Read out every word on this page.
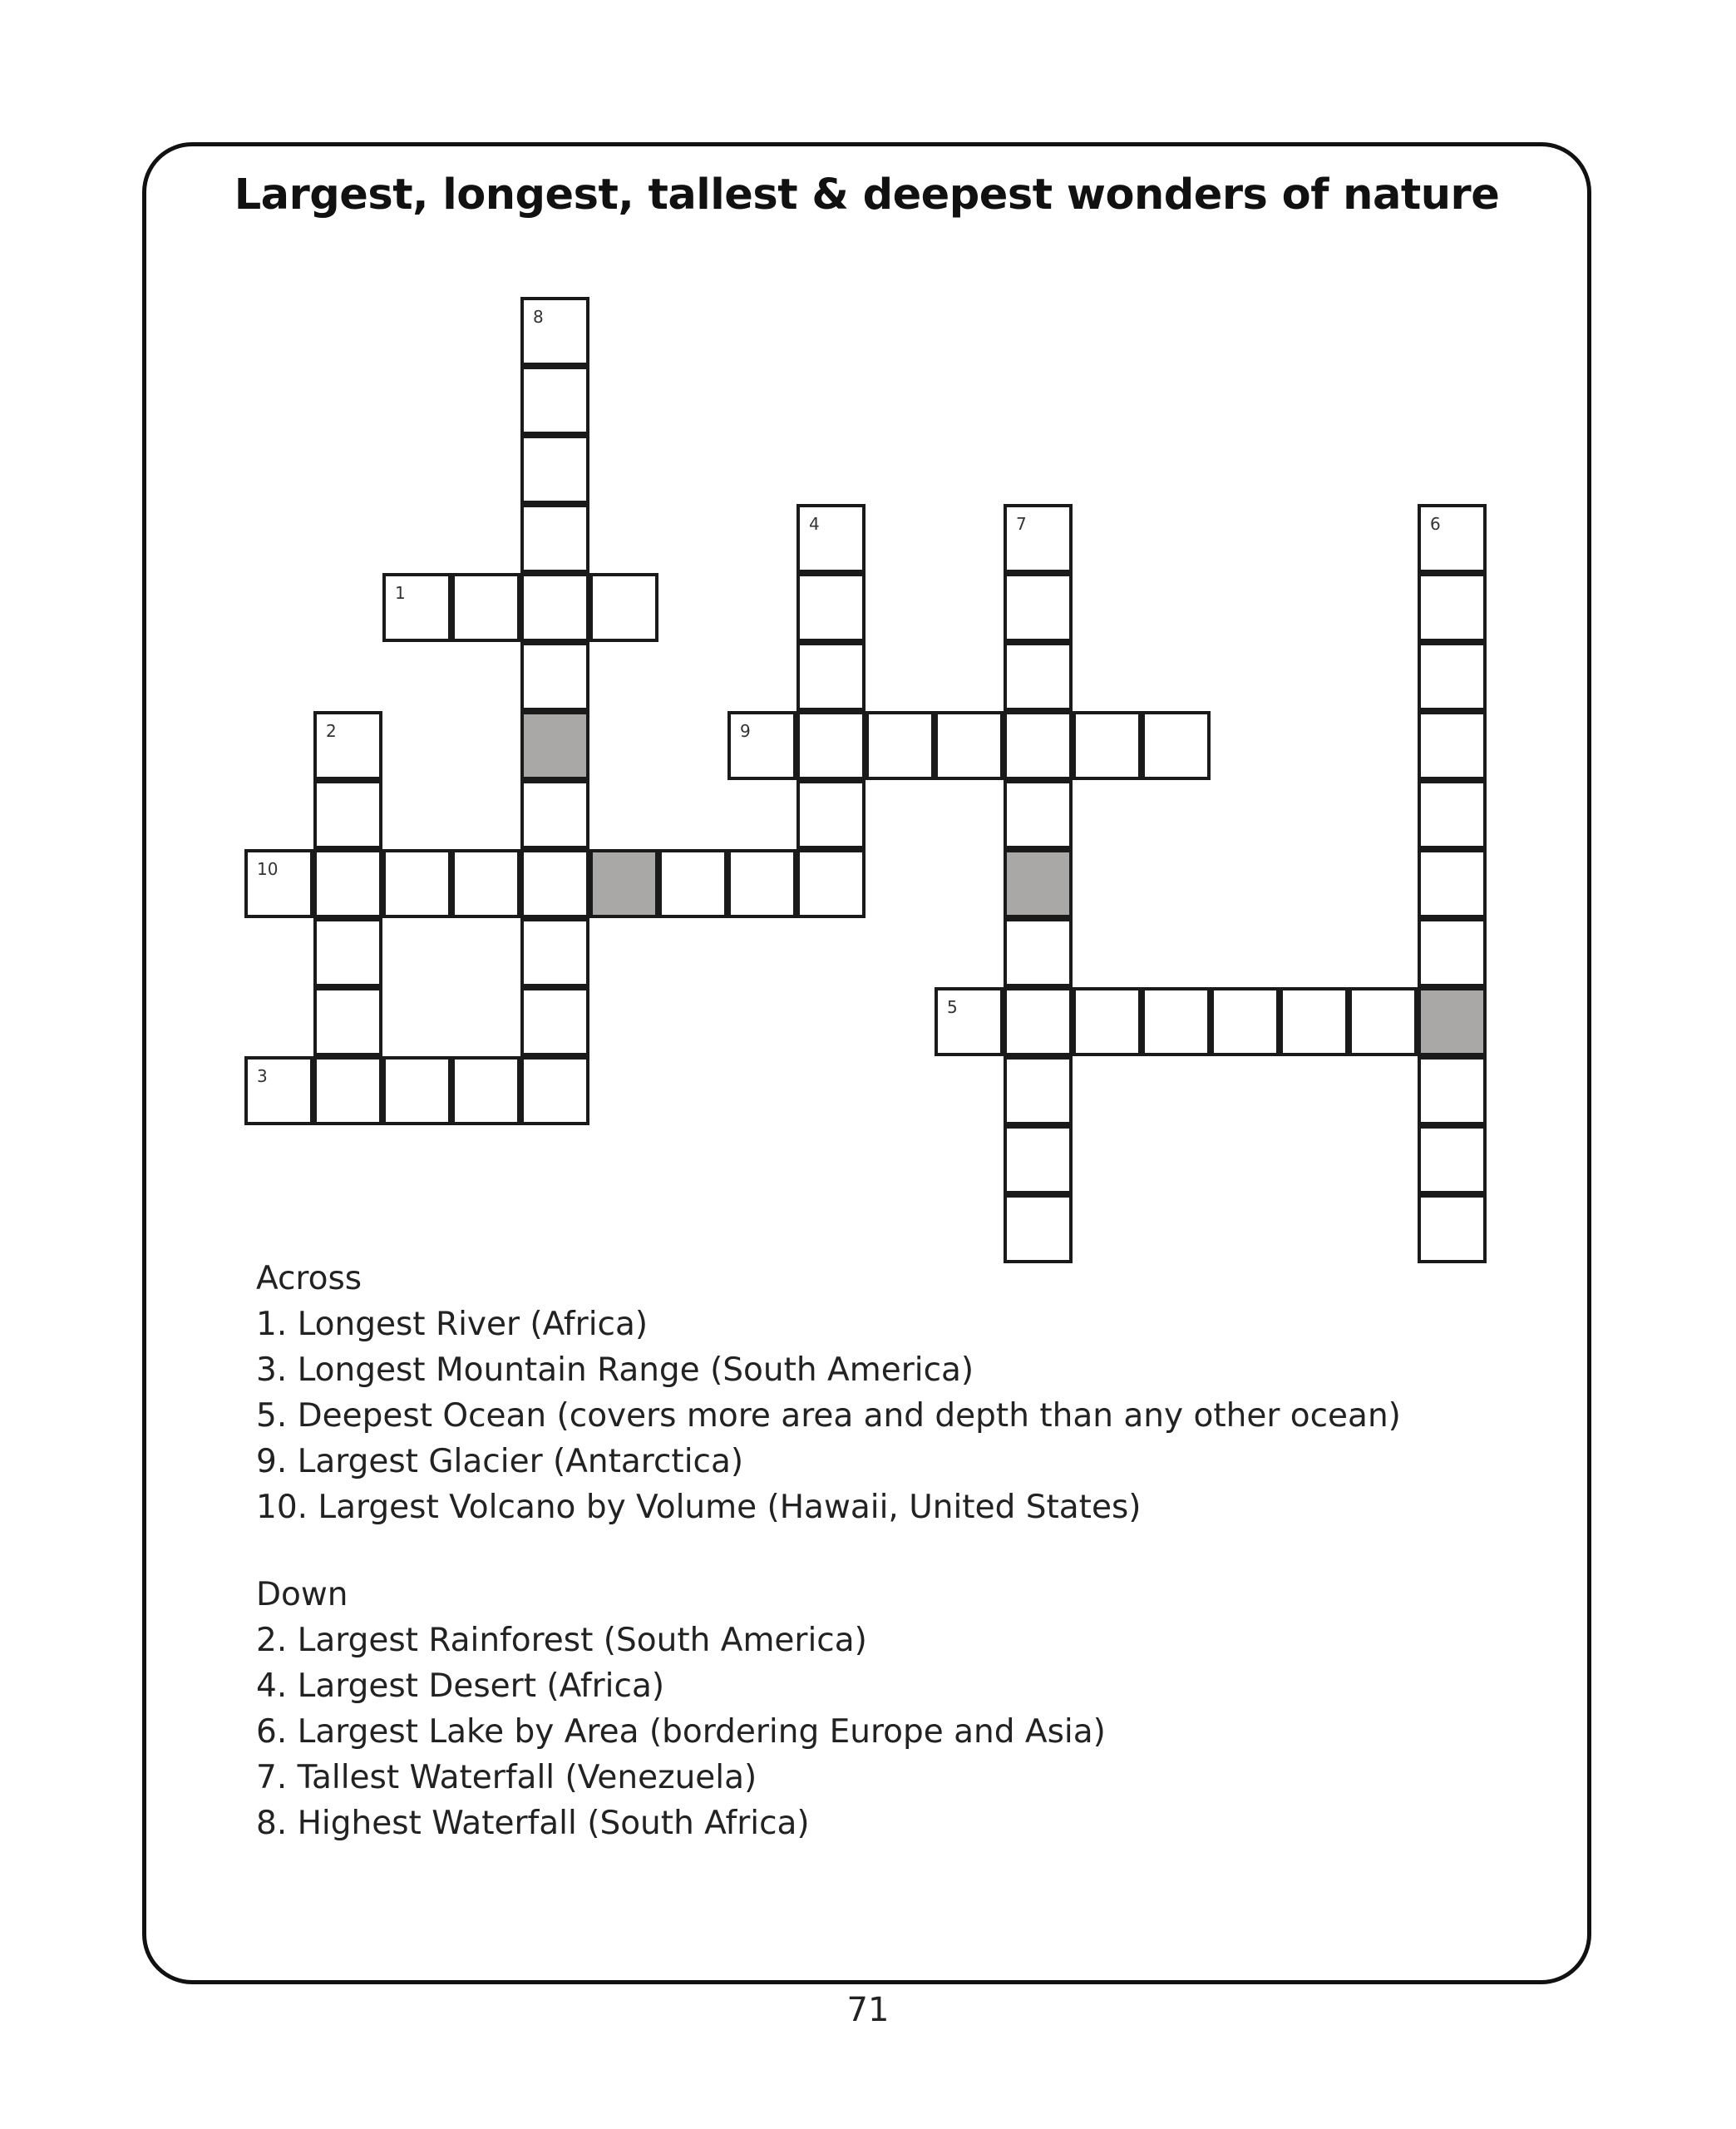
Largest, longest, tallest & deepest wonders of nature
8
4	7	6
1
2	9
10
5
3
Across
1. Longest River (Africa)
3. Longest Mountain Range (South America)
5. Deepest Ocean (covers more area and depth than any other ocean)
9. Largest Glacier (Antarctica)
10. Largest Volcano by Volume (Hawaii, United States)
Down
2. Largest Rainforest (South America)
4. Largest Desert (Africa)
6. Largest Lake by Area (bordering Europe and Asia)
7. Tallest Waterfall (Venezuela)
8. Highest Waterfall (South Africa)
71
